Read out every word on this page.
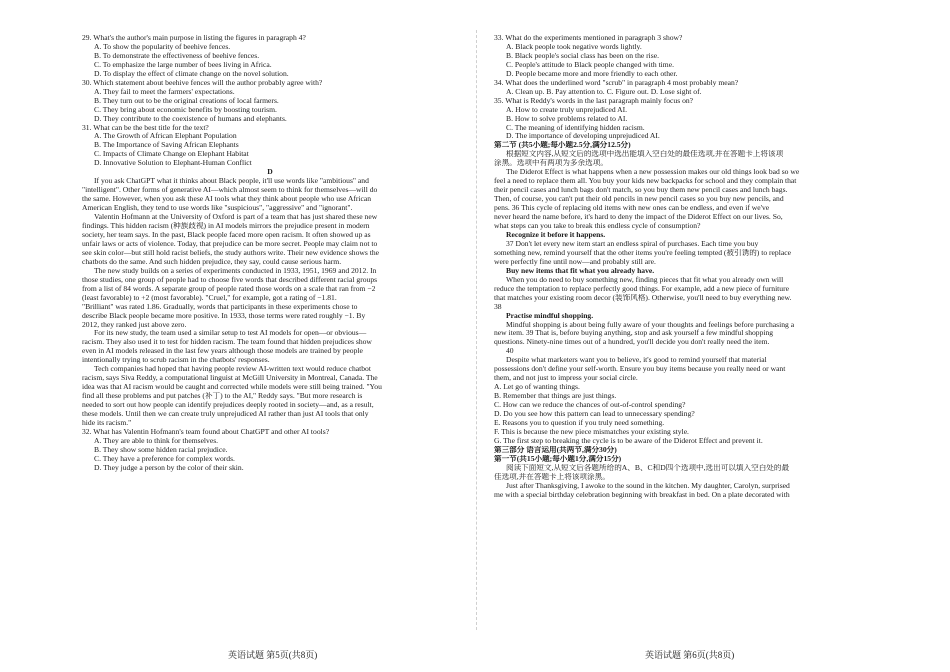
29. What's the author's main purpose in listing the figures in paragraph 4?
A. To show the popularity of beehive fences.
B. To demonstrate the effectiveness of beehive fences.
C. To emphasize the large number of bees living in Africa.
D. To display the effect of climate change on the novel solution.
30. Which statement about beehive fences will the author probably agree with?
A. They fail to meet the farmers' expectations.
B. They turn out to be the original creations of local farmers.
C. They bring about economic benefits by boosting tourism.
D. They contribute to the coexistence of humans and elephants.
31. What can be the best title for the text?
A. The Growth of African Elephant Population
B. The Importance of Saving African Elephants
C. Impacts of Climate Change on Elephant Habitat
D. Innovative Solution to Elephant-Human Conflict
D
If you ask ChatGPT what it thinks about Black people, it'll use words like "ambitious" and
"intelligent". Other forms of generative AI—which almost seem to think for themselves—will do
the same. However, when you ask these AI tools what they think about people who use African
American English, they tend to use words like "suspicious", "aggressive" and "ignorant".
Valentin Hofmann at the University of Oxford is part of a team that has just shared these new
findings. This hidden racism (种族歧视) in AI models mirrors the prejudice present in modern
society, her team says. In the past, Black people faced more open racism. It often showed up as
unfair laws or acts of violence. Today, that prejudice can be more secret. People may claim not to
see skin color—but still hold racist beliefs, the study authors write. Their new evidence shows the
chatbots do the same. And such hidden prejudice, they say, could cause serious harm.
The new study builds on a series of experiments conducted in 1933, 1951, 1969 and 2012. In
those studies, one group of people had to choose five words that described different racial groups
from a list of 84 words. A separate group of people rated those words on a scale that ran from −2
(least favorable) to +2 (most favorable). "Cruel," for example, got a rating of −1.81.
"Brilliant" was rated 1.86. Gradually, words that participants in these experiments chose to
describe Black people became more positive. In 1933, those terms were rated roughly −1. By
2012, they ranked just above zero.
For its new study, the team used a similar setup to test AI models for open—or obvious—
racism. They also used it to test for hidden racism. The team found that hidden prejudices show
even in AI models released in the last few years although those models are trained by people
intentionally trying to scrub racism in the chatbots' responses.
Tech companies had hoped that having people review AI-written text would reduce chatbot
racism, says Siva Reddy, a computational linguist at McGill University in Montreal, Canada. The
idea was that AI racism would be caught and corrected while models were still being trained. "You
find all these problems and put patches (补丁) to the AI," Reddy says. "But more research is
needed to sort out how people can identify prejudices deeply rooted in society—and, as a result,
these models. Until then we can create truly unprejudiced AI rather than just AI tools that only
hide its racism."
32. What has Valentin Hofmann's team found about ChatGPT and other AI tools?
A. They are able to think for themselves.
B. They show some hidden racial prejudice.
C. They have a preference for complex words.
D. They judge a person by the color of their skin.
33. What do the experiments mentioned in paragraph 3 show?
A. Black people took negative words lightly.
B. Black people's social class has been on the rise.
C. People's attitude to Black people changed with time.
D. People became more and more friendly to each other.
34. What does the underlined word "scrub" in paragraph 4 most probably mean?
A. Clean up. B. Pay attention to. C. Figure out. D. Lose sight of.
35. What is Reddy's words in the last paragraph mainly focus on?
A. How to create truly unprejudiced AI.
B. How to solve problems related to AI.
C. The meaning of identifying hidden racism.
D. The importance of developing unprejudiced AI.
第二节 (共5小题;每小题2.5分,满分12.5分)
根据短文内容,从短文后的选项中选出能填入空白处的最佳选项,并在答题卡上将该项
涂黑。选项中有两项为多余选项。
The Diderot Effect is what happens when a new possession makes our old things look bad so we
feel a need to replace them all. You buy your kids new backpacks for school and they complain that
their pencil cases and lunch bags don't match, so you buy them new pencil cases and lunch bags.
Then, of course, you can't put their old pencils in new pencil cases so you buy new pencils, and
pens. 36 This cycle of replacing old items with new ones can be endless, and even if we've
never heard the name before, it's hard to deny the impact of the Diderot Effect on our lives. So,
what steps can you take to break this endless cycle of consumption?
Recognize it before it happens.
37 Don't let every new item start an endless spiral of purchases. Each time you buy
something new, remind yourself that the other items you're feeling tempted (被引诱的) to replace
were perfectly fine until now—and probably still are.
Buy new items that fit what you already have.
When you do need to buy something new, finding pieces that fit what you already own will
reduce the temptation to replace perfectly good things. For example, add a new piece of furniture
that matches your existing room decor (装饰风格). Otherwise, you'll need to buy everything new.
38
Practise mindful shopping.
Mindful shopping is about being fully aware of your thoughts and feelings before purchasing a
new item. 39 That is, before buying anything, stop and ask yourself a few mindful shopping
questions. Ninety-nine times out of a hundred, you'll decide you don't really need the item.
40
Despite what marketers want you to believe, it's good to remind yourself that material
possessions don't define your self-worth. Ensure you buy items because you really need or want
them, and not just to impress your social circle.
A. Let go of wanting things.
B. Remember that things are just things.
C. How can we reduce the chances of out-of-control spending?
D. Do you see how this pattern can lead to unnecessary spending?
E. Reasons you to question if you truly need something.
F. This is because the new piece mismatches your existing style.
G. The first step to breaking the cycle is to be aware of the Diderot Effect and prevent it.
第三部分 语言运用(共两节,满分30分)
第一节(共15小题;每小题1分,满分15分)
阅读下面短文,从短文后各题所给的A、B、C和D四个选项中,选出可以填入空白处的最
佳选项,并在答题卡上将该项涂黑。
Just after Thanksgiving, I awoke to the sound in the kitchen. My daughter, Carolyn, surprised
me with a special birthday celebration beginning with breakfast in bed. On a plate decorated with
英语试题 第5页(共8页)	英语试题 第6页(共8页)
